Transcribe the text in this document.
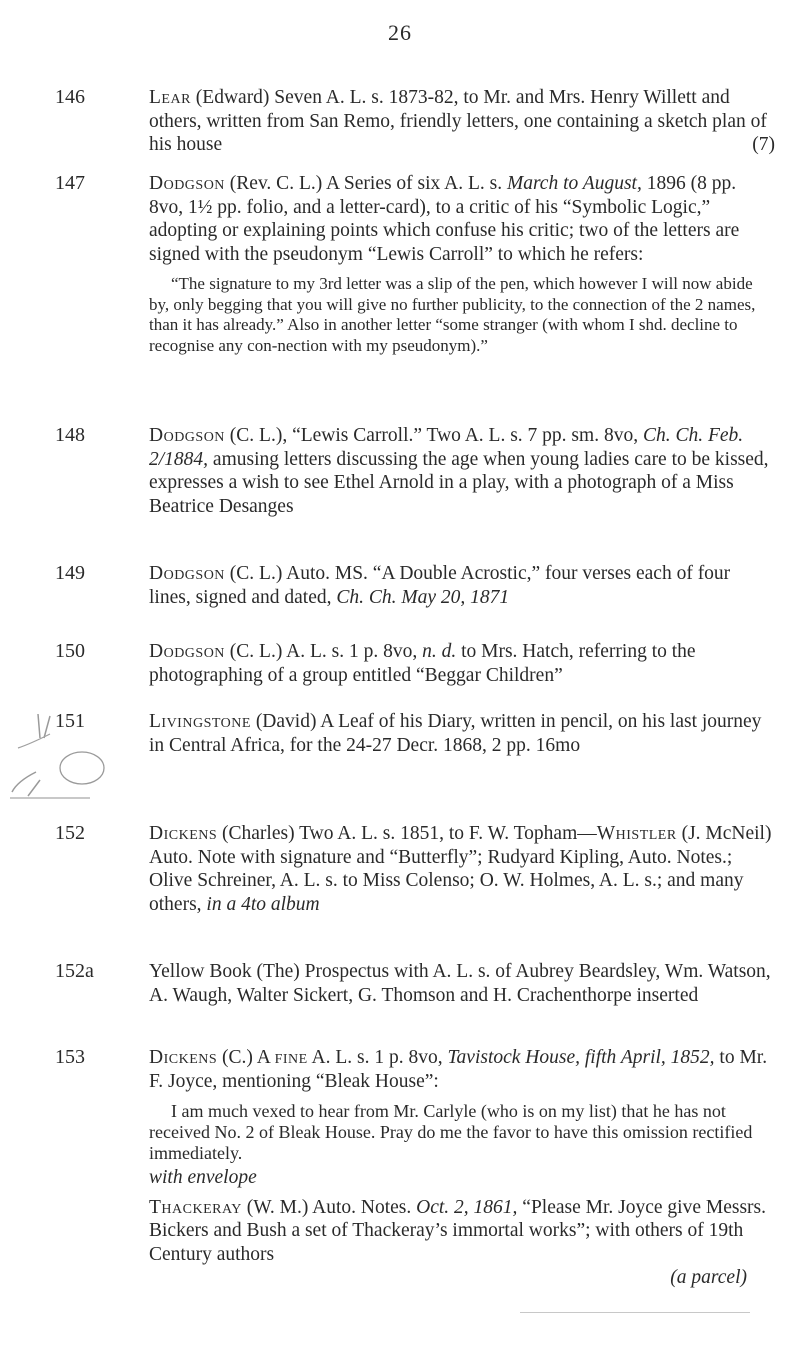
26
146	Lear (Edward) Seven A. L. s. 1873-82, to Mr. and Mrs. Henry Willett and others, written from San Remo, friendly letters, one containing a sketch plan of his house	(7)
147	Dodgson (Rev. C. L.) A Series of six A. L. s. March to August, 1896 (8 pp. 8vo, 1½ pp. folio, and a letter-card), to a critic of his “Symbolic Logic,” adopting or explaining points which confuse his critic; two of the letters are signed with the pseudonym “Lewis Carroll” to which he refers:
“The signature to my 3rd letter was a slip of the pen, which however I will now abide by, only begging that you will give no further publicity, to the connection of the 2 names, than it has already.” Also in another letter “some stranger (with whom I shd. decline to recognise any con-nection with my pseudonym).”
148	Dodgson (C. L.), “Lewis Carroll.” Two A. L. s. 7 pp. sm. 8vo, Ch. Ch. Feb. 2/1884, amusing letters discussing the age when young ladies care to be kissed, expresses a wish to see Ethel Arnold in a play, with a photograph of a Miss Beatrice Desanges
149	Dodgson (C. L.) Auto. MS. “A Double Acrostic,” four verses each of four lines, signed and dated, Ch. Ch. May 20, 1871
150	Dodgson (C. L.) A. L. s. 1 p. 8vo, n. d. to Mrs. Hatch, referring to the photographing of a group entitled “Beggar Children”
151	Livingstone (David) A Leaf of his Diary, written in pencil, on his last journey in Central Africa, for the 24-27 Decr. 1868, 2 pp. 16mo
152	Dickens (Charles) Two A. L. s. 1851, to F. W. Topham—Whistler (J. McNeil) Auto. Note with signature and “Butterfly”; Rudyard Kipling, Auto. Notes.; Olive Schreiner, A. L. s. to Miss Colenso; O. W. Holmes, A. L. s.; and many others, in a 4to album
152a	Yellow Book (The) Prospectus with A. L. s. of Aubrey Beardsley, Wm. Watson, A. Waugh, Walter Sickert, G. Thomson and H. Crachenthorpe inserted
153	Dickens (C.) A fine A. L. s. 1 p. 8vo, Tavistock House, fifth April, 1852, to Mr. F. Joyce, mentioning “Bleak House”:
I am much vexed to hear from Mr. Carlyle (who is on my list) that he has not received No. 2 of Bleak House. Pray do me the favor to have this omission rectified immediately.
with envelope
Thackeray (W. M.) Auto. Notes. Oct. 2, 1861, “Please Mr. Joyce give Messrs. Bickers and Bush a set of Thackeray’s immortal works”; with others of 19th Century authors
(a parcel)
